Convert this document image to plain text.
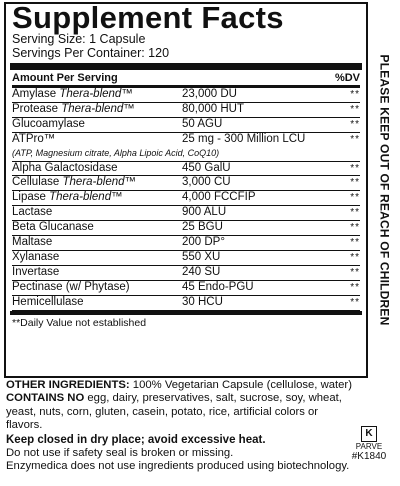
Supplement Facts
Serving Size: 1 Capsule
Servings Per Container: 120
Amount Per Serving	%DV
Amylase Thera-blend™	23,000 DU	**
Protease Thera-blend™	80,000 HUT	**
Glucoamylase	50 AGU	**
ATPro™	25 mg - 300 Million LCU	**
(ATP, Magnesium citrate, Alpha Lipoic Acid, CoQ10)		
Alpha Galactosidase	450 GalU	**
Cellulase Thera-blend™	3,000 CU	**
Lipase Thera-blend™	4,000 FCCFIP	**
Lactase	900 ALU	**
Beta Glucanase	25 BGU	**
Maltase	200 DP°	**
Xylanase	550 XU	**
Invertase	240 SU	**
Pectinase (w/ Phytase)	45 Endo-PGU	**
Hemicellulase	30 HCU	**
**Daily Value not established	PLEASE KEEP OUT OF REACH OF CHILDREN
OTHER INGREDIENTS: 100% Vegetarian Capsule (cellulose, water)
CONTAINS NO egg, dairy, preservatives, salt, sucrose, soy, wheat, yeast, nuts, corn, gluten, casein, potato, rice, artificial colors or flavors.
Keep closed in dry place; avoid excessive heat.
Do not use if safety seal is broken or missing.
Enzymedica does not use ingredients produced using biotechnology.
K
PARVE
#K1840
